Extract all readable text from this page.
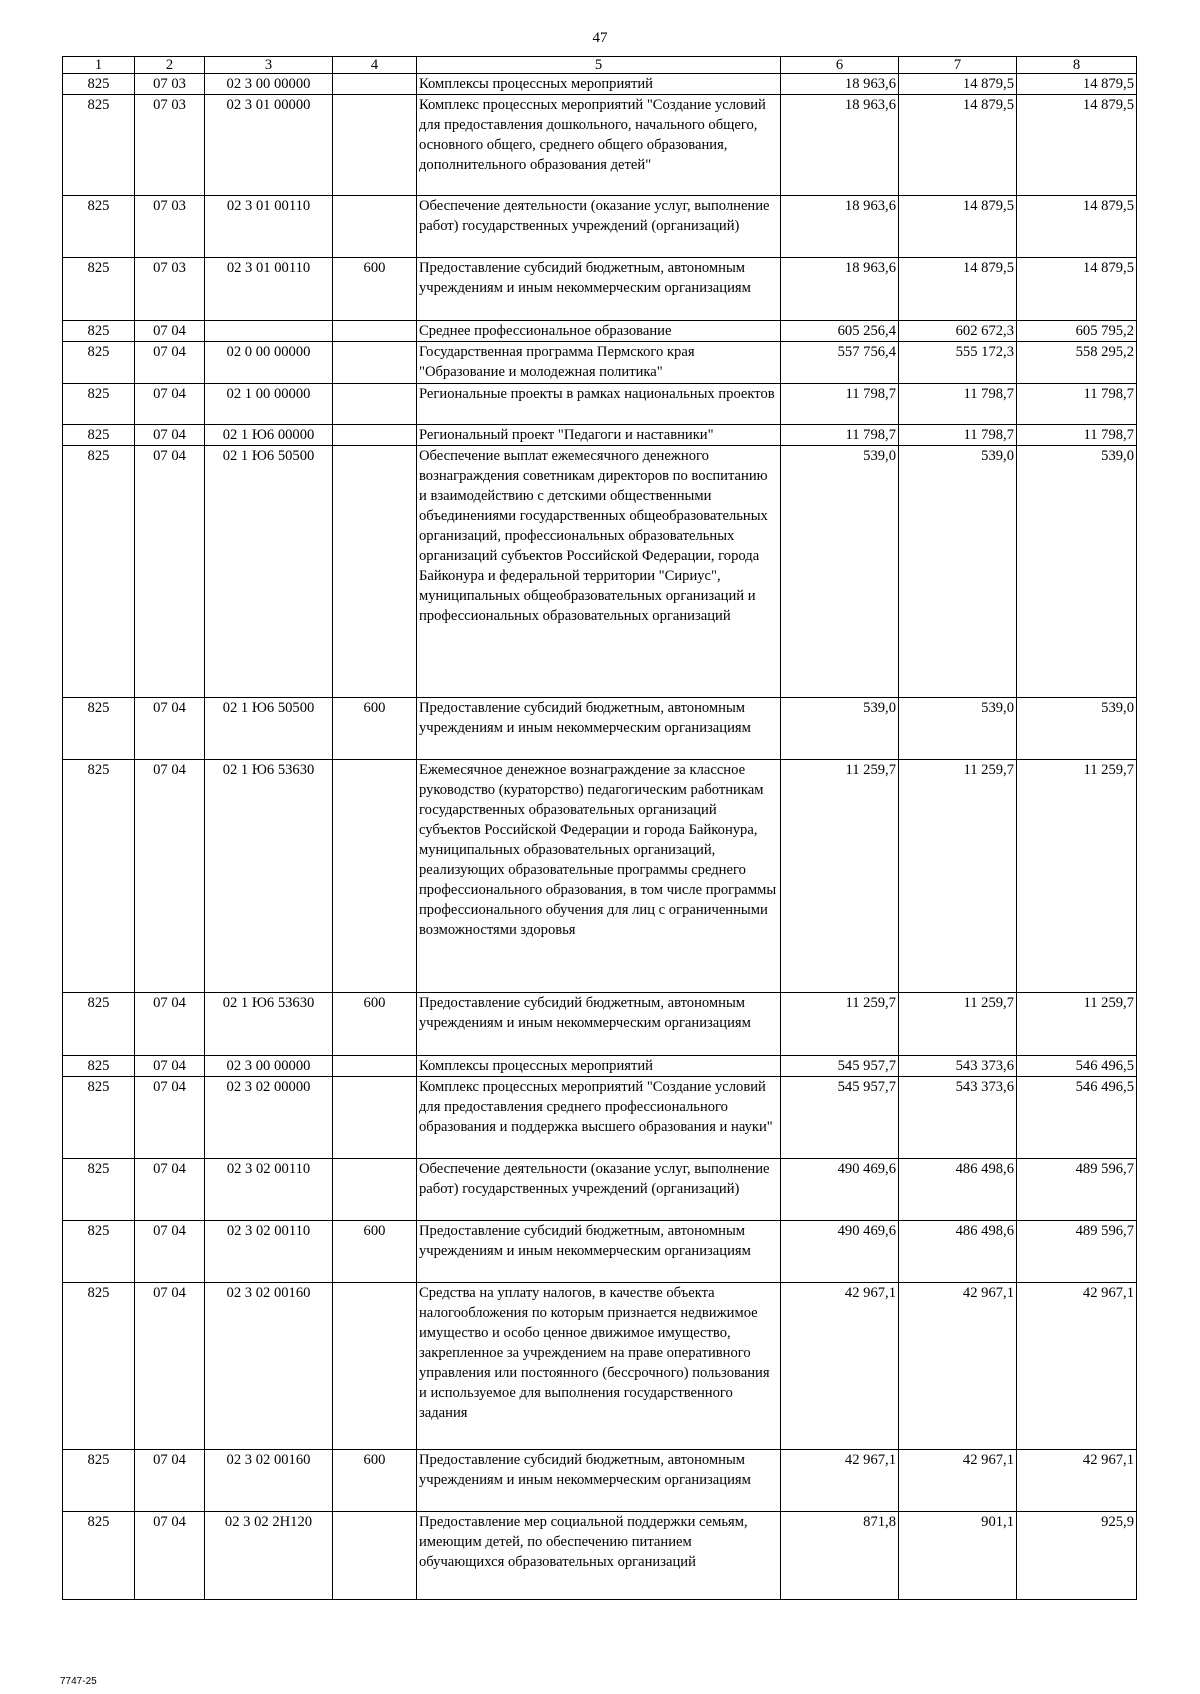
47
1	2	3	4	5	6	7	8
825	07 03	02 3 00 00000		Комплексы процессных мероприятий	18 963,6	14 879,5	14 879,5
825	07 03	02 3 01 00000		Комплекс процессных мероприятий "Создание условий для предоставления дошкольного, начального общего, основного общего, среднего общего образования, дополнительного образования детей"	18 963,6	14 879,5	14 879,5
825	07 03	02 3 01 00110		Обеспечение деятельности (оказание услуг, выполнение работ) государственных учреждений (организаций)	18 963,6	14 879,5	14 879,5
825	07 03	02 3 01 00110	600	Предоставление субсидий бюджетным, автономным учреждениям и иным некоммерческим организациям	18 963,6	14 879,5	14 879,5
825	07 04			Среднее профессиональное образование	605 256,4	602 672,3	605 795,2
825	07 04	02 0 00 00000		Государственная программа Пермского края "Образование и молодежная политика"	557 756,4	555 172,3	558 295,2
825	07 04	02 1 00 00000		Региональные проекты в рамках национальных проектов	11 798,7	11 798,7	11 798,7
825	07 04	02 1 Ю6 00000		Региональный проект "Педагоги и наставники"	11 798,7	11 798,7	11 798,7
825	07 04	02 1 Ю6 50500		Обеспечение выплат ежемесячного денежного вознаграждения советникам директоров по воспитанию и взаимодействию с детскими общественными объединениями государственных общеобразовательных организаций, профессиональных образовательных организаций субъектов Российской Федерации, города Байконура и федеральной территории "Сириус", муниципальных общеобразовательных организаций и профессиональных образовательных организаций	539,0	539,0	539,0
825	07 04	02 1 Ю6 50500	600	Предоставление субсидий бюджетным, автономным учреждениям и иным некоммерческим организациям	539,0	539,0	539,0
825	07 04	02 1 Ю6 53630		Ежемесячное денежное вознаграждение за классное руководство (кураторство) педагогическим работникам государственных образовательных организаций субъектов Российской Федерации и города Байконура, муниципальных образовательных организаций, реализующих образовательные программы среднего профессионального образования, в том числе программы профессионального обучения для лиц с ограниченными возможностями здоровья	11 259,7	11 259,7	11 259,7
825	07 04	02 1 Ю6 53630	600	Предоставление субсидий бюджетным, автономным учреждениям и иным некоммерческим организациям	11 259,7	11 259,7	11 259,7
825	07 04	02 3 00 00000		Комплексы процессных мероприятий	545 957,7	543 373,6	546 496,5
825	07 04	02 3 02 00000		Комплекс процессных мероприятий "Создание условий для предоставления среднего профессионального образования и поддержка высшего образования и науки"	545 957,7	543 373,6	546 496,5
825	07 04	02 3 02 00110		Обеспечение деятельности (оказание услуг, выполнение работ) государственных учреждений (организаций)	490 469,6	486 498,6	489 596,7
825	07 04	02 3 02 00110	600	Предоставление субсидий бюджетным, автономным учреждениям и иным некоммерческим организациям	490 469,6	486 498,6	489 596,7
825	07 04	02 3 02 00160		Средства на уплату налогов, в качестве объекта налогообложения по которым признается недвижимое имущество и особо ценное движимое имущество, закрепленное за учреждением на праве оперативного управления или постоянного (бессрочного) пользования и используемое для выполнения государственного задания	42 967,1	42 967,1	42 967,1
825	07 04	02 3 02 00160	600	Предоставление субсидий бюджетным, автономным учреждениям и иным некоммерческим организациям	42 967,1	42 967,1	42 967,1
825	07 04	02 3 02 2Н120		Предоставление мер социальной поддержки семьям, имеющим детей, по обеспечению питанием обучающихся образовательных организаций	871,8	901,1	925,9
7747-25
